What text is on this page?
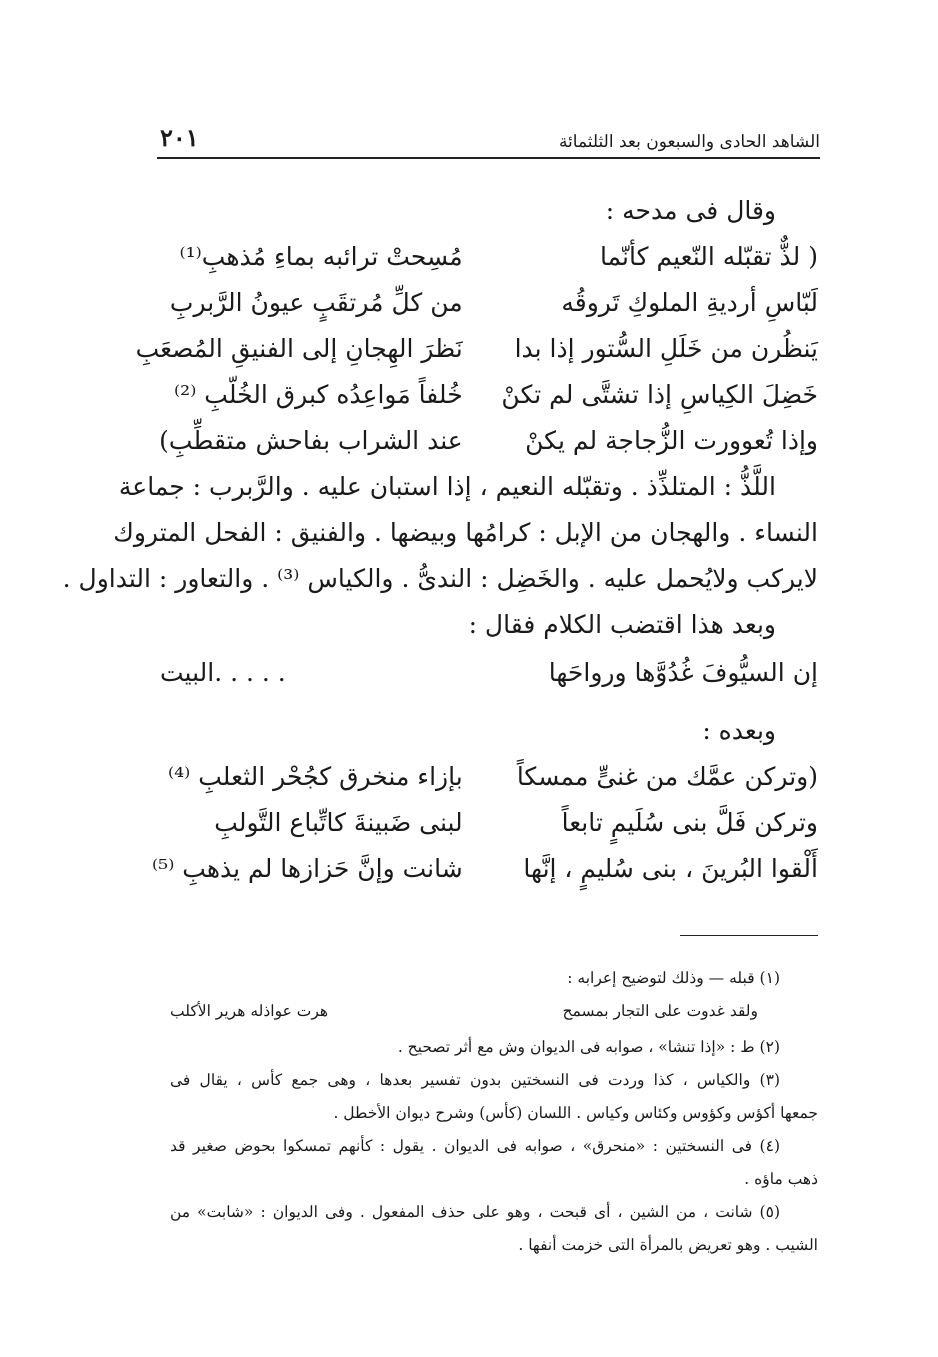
الشاهد الحادى والسبعون بعد الثلثمائة
٢٠١
وقال فى مدحه :
( لذٌّ تقبّله النّعيم كأنّما
مُسِحتْ ترائبه بماءِ مُذهبِ⁽¹⁾
لَبّاسِ أرديةِ الملوكِ تَروقُه
من كلِّ مُرتقَبٍ عيونُ الرَّبربِ
يَنظُرن من خَلَلِ السُّتور إذا بدا
نَظرَ الهِجانِ إلى الفنيقِ المُصعَبِ
خَضِلَ الكِياسِ إذا تشتَّى لم تكنْ
خُلفاً مَواعِدُه كبرق الخُلّبِ ⁽²⁾
وإذا تُعوورت الزُّجاجة لم يكنْ
عند الشراب بفاحش متقطِّبِ)
اللَّذُّ : المتلذِّذ . وتقبّله النعيم ، إذا استبان عليه . والرَّبرب : جماعة
النساء . والهجان من الإبل : كرامُها وبيضها . والفنيق : الفحل المتروك
لايركب ولايُحمل عليه . والخَضِل : الندىُّ . والكياس ⁽³⁾ . والتعاور : التداول .
وبعد هذا اقتضب الكلام فقال :
إن السيُّوفَ غُدُوَّها ورواحَها
. . . . .البيت
وبعده :
(وتركن عمَّك من غنىٍّ ممسكاً
بإزاء منخرق كجُحْر الثعلبِ ⁽⁴⁾
وتركن فَلَّ بنى سُلَيمٍ تابعاً
لبنى ضَبينةَ كاتِّباع التَّولبِ
أَلْقوا البُرينَ ، بنى سُليمٍ ، إنَّها
شانت وإنَّ حَزازها لم يذهبِ ⁽⁵⁾
(١) قبله — وذلك لتوضيح إعرابه :
ولقد غدوت على التجار بمسمح
هرت عواذله هرير الأكلب
(٢) ط : «إذا تنشا» ، صوابه فى الديوان وش مع أثر تصحيح .
(٣) والكياس ، كذا وردت فى النسختين بدون تفسير بعدها ، وهى جمع كأس ، يقال فى
جمعها أكؤس وكؤوس وكئاس وكياس . اللسان (كأس) وشرح ديوان الأخطل .
(٤) فى النسختين : «منحرق» ، صوابه فى الديوان . يقول : كأنهم تمسكوا بحوض صغير قد
ذهب ماؤه .
(٥) شانت ، من الشين ، أى قبحت ، وهو على حذف المفعول . وفى الديوان : «شابت» من
الشيب . وهو تعريض بالمرأة التى خزمت أنفها .
